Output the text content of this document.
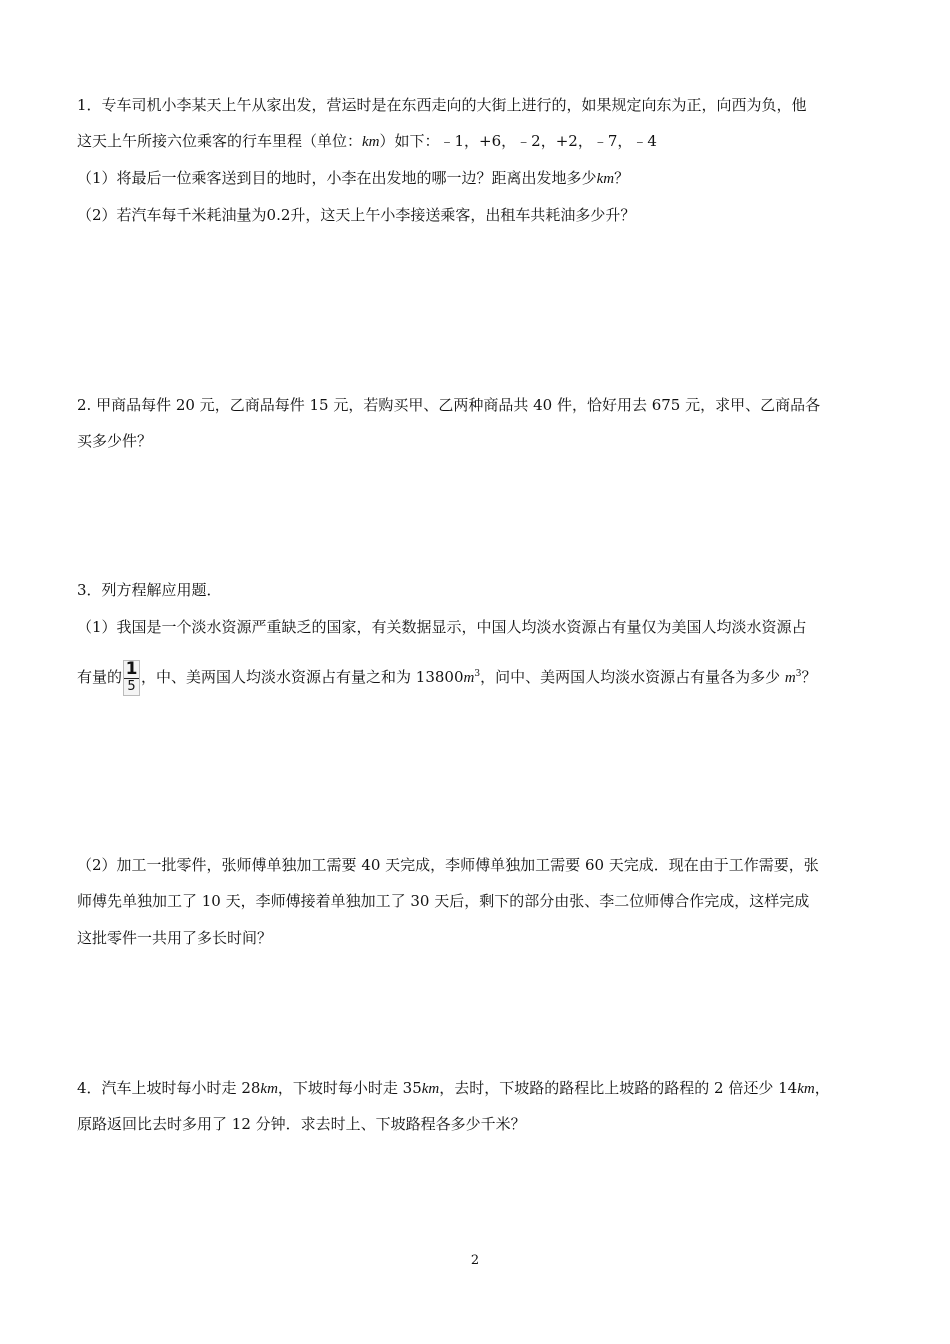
1．专车司机小李某天上午从家出发，营运时是在东西走向的大街上进行的，如果规定向东为正，向西为负，他
这天上午所接六位乘客的行车里程（单位：km）如下：﹣1，+6，﹣2，+2，﹣7，﹣4
（1）将最后一位乘客送到目的地时，小李在出发地的哪一边？距离出发地多少km？
（2）若汽车每千米耗油量为0.2升，这天上午小李接送乘客，出租车共耗油多少升？
2. 甲商品每件 20 元，乙商品每件 15 元，若购买甲、乙两种商品共 40 件，恰好用去 675 元，求甲、乙商品各
买多少件？
3．列方程解应用题．
（1）我国是一个淡水资源严重缺乏的国家，有关数据显示，中国人均淡水资源占有量仅为美国人均淡水资源占
有量的 $\frac{1}{5}$ ，中、美两国人均淡水资源占有量之和为 $13800m^3$，问中、美两国人均淡水资源占有量各为多少 $m^3$？
（2）加工一批零件，张师傅单独加工需要 40 天完成，李师傅单独加工需要 60 天完成．现在由于工作需要，张
师傅先单独加工了 10 天，李师傅接着单独加工了 30 天后，剩下的部分由张、李二位师傅合作完成，这样完成
这批零件一共用了多长时间？
4．汽车上坡时每小时走 28km，下坡时每小时走 35km，去时，下坡路的路程比上坡路的路程的 2 倍还少 14km，
原路返回比去时多用了 12 分钟．求去时上、下坡路程各多少千米？
2
